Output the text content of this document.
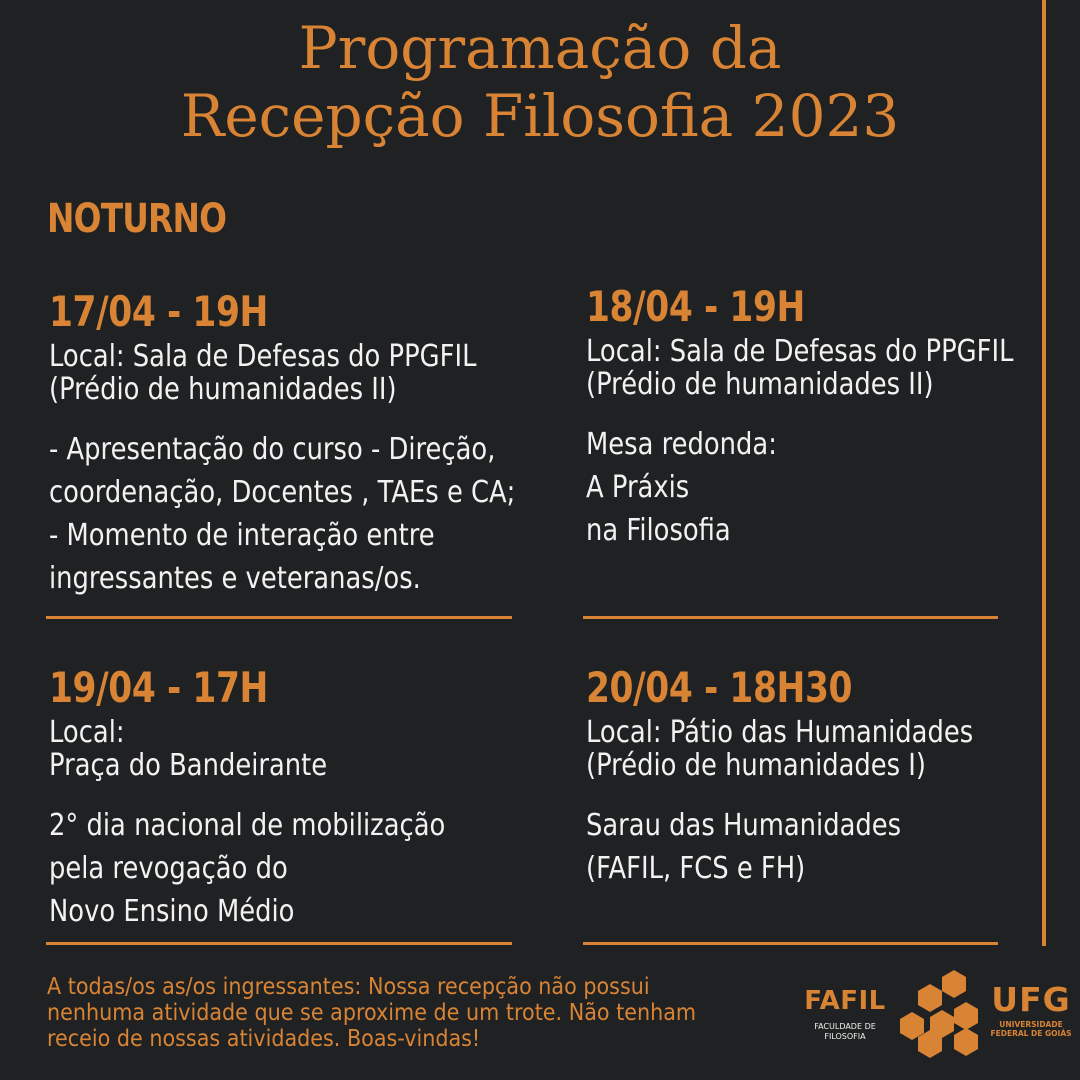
Programação da
Recepção Filosofia 2023
NOTURNO
17/04 - 19H
Local: Sala de Defesas do PPGFIL
(Prédio de humanidades II)
- Apresentação do curso - Direção,
coordenação, Docentes , TAEs e CA;
- Momento de interação entre
ingressantes e veteranas/os.
18/04 - 19H
Local: Sala de Defesas do PPGFIL
(Prédio de humanidades II)
Mesa redonda:
A Práxis
na Filosofia
19/04 - 17H
Local:
Praça do Bandeirante
2° dia nacional de mobilização
pela revogação do
Novo Ensino Médio
20/04 - 18H30
Local: Pátio das Humanidades
(Prédio de humanidades I)
Sarau das Humanidades
(FAFIL, FCS e FH)
A todas/os as/os ingressantes: Nossa recepção não possui
nenhuma atividade que se aproxime de um trote. Não tenham
receio de nossas atividades. Boas-vindas!
FAFIL
FACULDADE DE
FILOSOFIA
UFG
UNIVERSIDADE
FEDERAL DE GOIÁS
